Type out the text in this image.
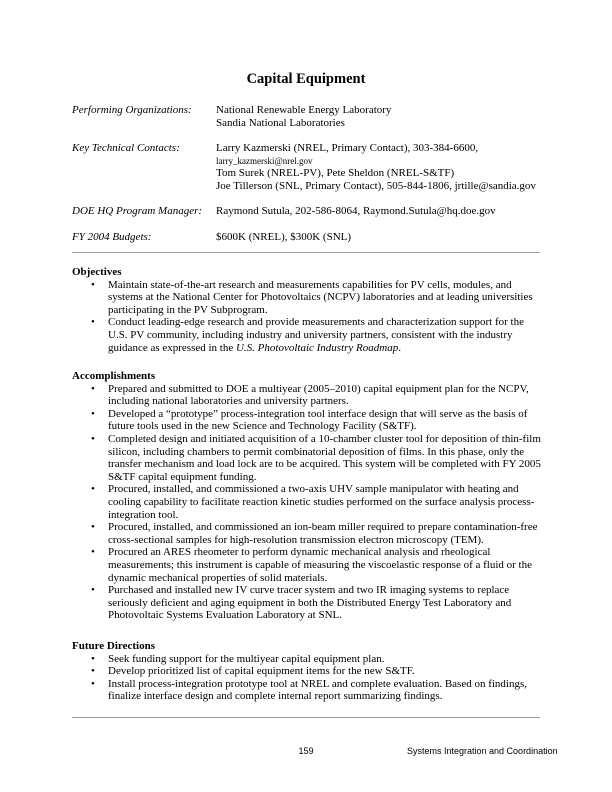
Capital Equipment
Performing Organizations: National Renewable Energy Laboratory
Sandia National Laboratories
Key Technical Contacts:	Larry Kazmerski (NREL, Primary Contact), 303-384-6600,
larry_kazmerski@nrel.gov
Tom Surek (NREL-PV), Pete Sheldon (NREL-S&TF)
Joe Tillerson (SNL, Primary Contact), 505-844-1806, jrtille@sandia.gov
DOE HQ Program Manager: Raymond Sutula, 202-586-8064, Raymond.Sutula@hq.doe.gov
FY 2004 Budgets:	$600K (NREL), $300K (SNL)
Objectives
• Maintain state-of-the-art research and measurements capabilities for PV cells, modules, and systems at the National Center for Photovoltaics (NCPV) laboratories and at leading universities participating in the PV Subprogram.
• Conduct leading-edge research and provide measurements and characterization support for the U.S. PV community, including industry and university partners, consistent with the industry guidance as expressed in the U.S. Photovoltaic Industry Roadmap.
Accomplishments
• Prepared and submitted to DOE a multiyear (2005–2010) capital equipment plan for the NCPV, including national laboratories and university partners.
• Developed a “prototype” process-integration tool interface design that will serve as the basis of future tools used in the new Science and Technology Facility (S&TF).
• Completed design and initiated acquisition of a 10-chamber cluster tool for deposition of thin-film silicon, including chambers to permit combinatorial deposition of films. In this phase, only the transfer mechanism and load lock are to be acquired. This system will be completed with FY 2005 S&TF capital equipment funding.
• Procured, installed, and commissioned a two-axis UHV sample manipulator with heating and cooling capability to facilitate reaction kinetic studies performed on the surface analysis process-integration tool.
• Procured, installed, and commissioned an ion-beam miller required to prepare contamination-free cross-sectional samples for high-resolution transmission electron microscopy (TEM).
• Procured an ARES rheometer to perform dynamic mechanical analysis and rheological measurements; this instrument is capable of measuring the viscoelastic response of a fluid or the dynamic mechanical properties of solid materials.
• Purchased and installed new IV curve tracer system and two IR imaging systems to replace seriously deficient and aging equipment in both the Distributed Energy Test Laboratory and Photovoltaic Systems Evaluation Laboratory at SNL.
Future Directions
• Seek funding support for the multiyear capital equipment plan.
• Develop prioritized list of capital equipment items for the new S&TF.
• Install process-integration prototype tool at NREL and complete evaluation. Based on findings, finalize interface design and complete internal report summarizing findings.
159	Systems Integration and Coordination
